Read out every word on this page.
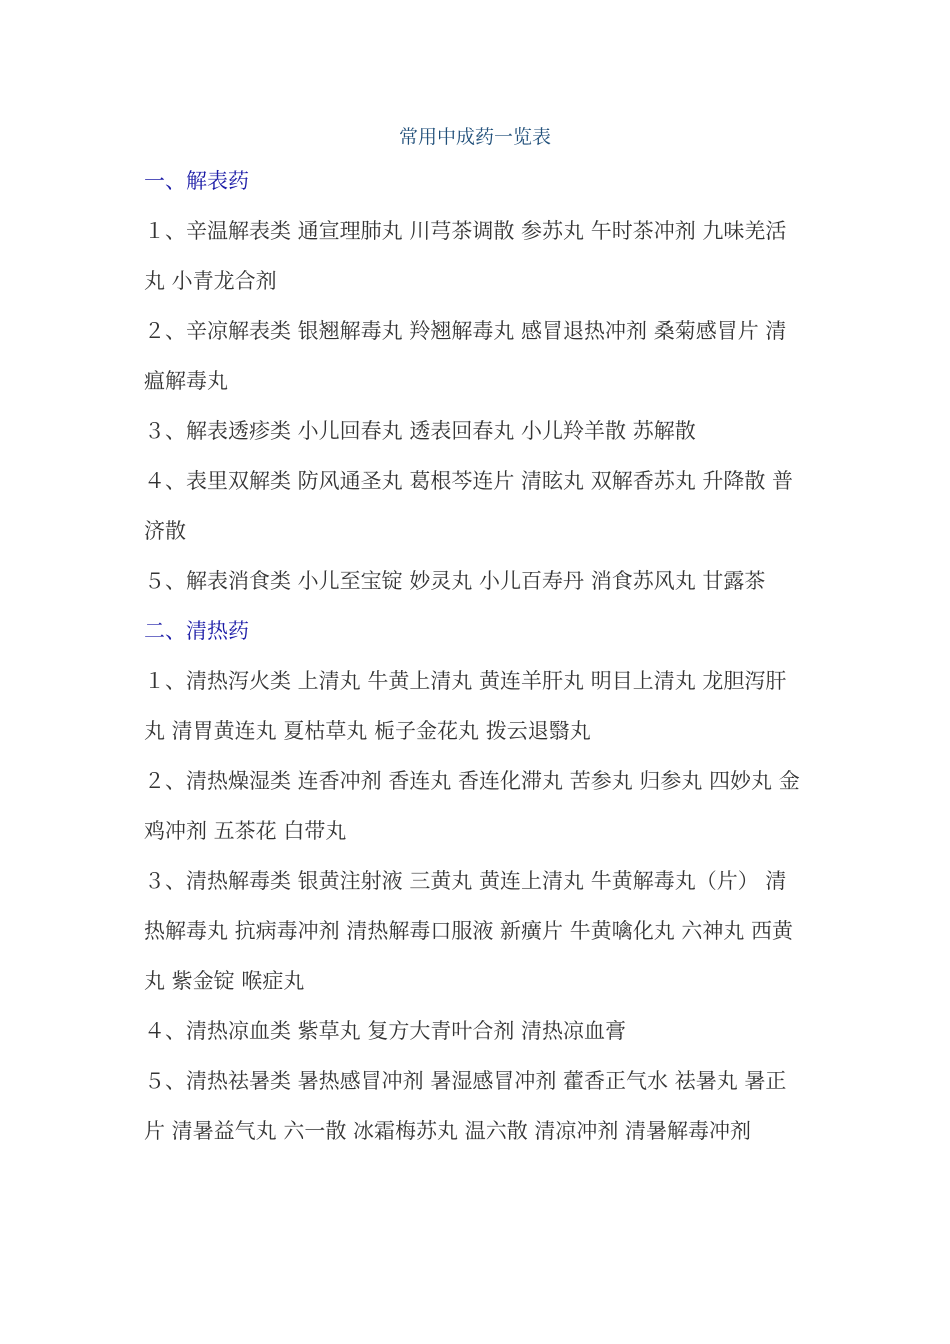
常用中成药一览表
一、解表药

１、辛温解表类 通宣理肺丸 川芎茶调散 参苏丸 午时茶冲剂 九味羌活丸 小青龙合剂

２、辛凉解表类 银翘解毒丸 羚翘解毒丸 感冒退热冲剂 桑菊感冒片 清瘟解毒丸

３、解表透疹类 小儿回春丸 透表回春丸 小儿羚羊散 苏解散

４、表里双解类 防风通圣丸 葛根芩连片 清眩丸 双解香苏丸 升降散 普济散

５、解表消食类 小儿至宝锭 妙灵丸 小儿百寿丹 消食苏风丸 甘露茶

二、清热药

１、清热泻火类 上清丸 牛黄上清丸 黄连羊肝丸 明目上清丸 龙胆泻肝丸 清胃黄连丸 夏枯草丸 栀子金花丸 拨云退翳丸

２、清热燥湿类 连香冲剂 香连丸 香连化滞丸 苦参丸 归参丸 四妙丸 金鸡冲剂 五茶花 白带丸

３、清热解毒类 银黄注射液 三黄丸 黄连上清丸 牛黄解毒丸（片） 清热解毒丸 抗病毒冲剂 清热解毒口服液 新癀片 牛黄噙化丸 六神丸 西黄丸 紫金锭 喉症丸

４、清热凉血类 紫草丸 复方大青叶合剂 清热凉血膏

５、清热祛暑类 暑热感冒冲剂 暑湿感冒冲剂 藿香正气水 祛暑丸 暑正片 清暑益气丸 六一散 冰霜梅苏丸 温六散 清凉冲剂 清暑解毒冲剂
